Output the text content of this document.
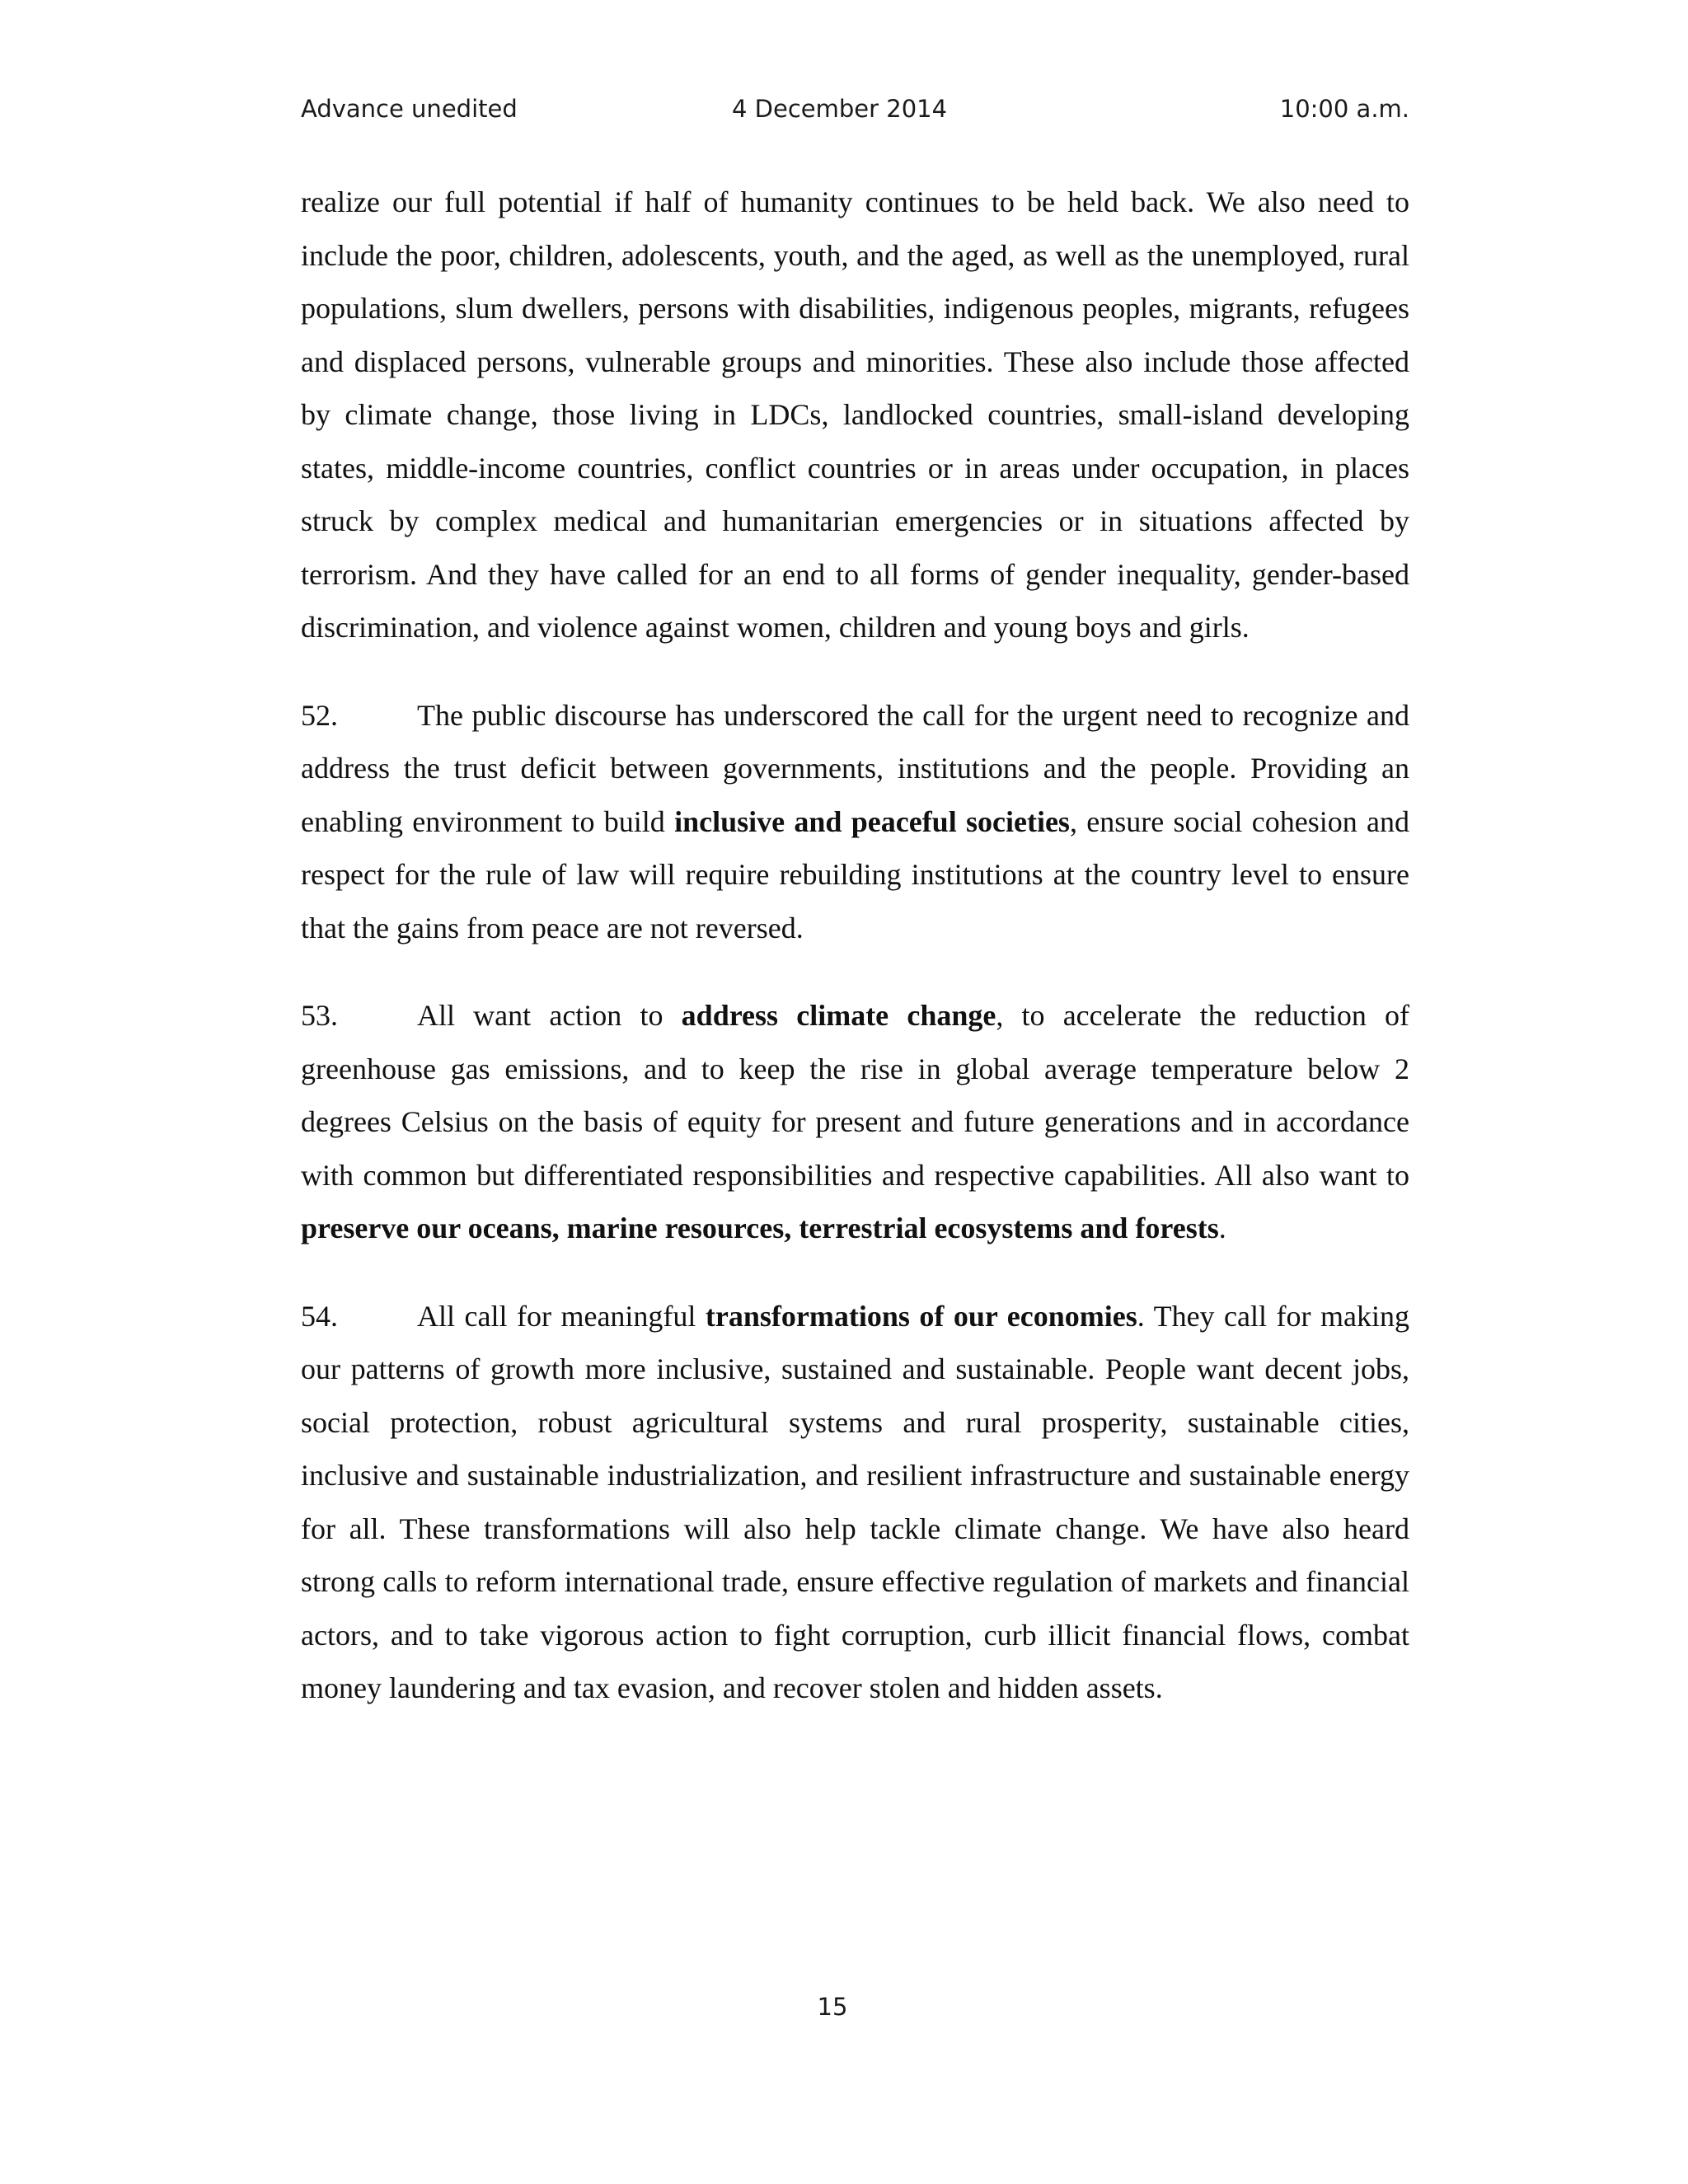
Advance unedited	4 December 2014	10:00 a.m.

realize our full potential if half of humanity continues to be held back. We also need to include the poor, children, adolescents, youth, and the aged, as well as the unemployed, rural populations, slum dwellers, persons with disabilities, indigenous peoples, migrants, refugees and displaced persons, vulnerable groups and minorities. These also include those affected by climate change, those living in LDCs, landlocked countries, small-island developing states, middle-income countries, conflict countries or in areas under occupation, in places struck by complex medical and humanitarian emergencies or in situations affected by terrorism. And they have called for an end to all forms of gender inequality, gender-based discrimination, and violence against women, children and young boys and girls.

52.	The public discourse has underscored the call for the urgent need to recognize and address the trust deficit between governments, institutions and the people. Providing an enabling environment to build inclusive and peaceful societies, ensure social cohesion and respect for the rule of law will require rebuilding institutions at the country level to ensure that the gains from peace are not reversed.

53.	All want action to address climate change, to accelerate the reduction of greenhouse gas emissions, and to keep the rise in global average temperature below 2 degrees Celsius on the basis of equity for present and future generations and in accordance with common but differentiated responsibilities and respective capabilities. All also want to preserve our oceans, marine resources, terrestrial ecosystems and forests.

54.	All call for meaningful transformations of our economies. They call for making our patterns of growth more inclusive, sustained and sustainable. People want decent jobs, social protection, robust agricultural systems and rural prosperity, sustainable cities, inclusive and sustainable industrialization, and resilient infrastructure and sustainable energy for all. These transformations will also help tackle climate change. We have also heard strong calls to reform international trade, ensure effective regulation of markets and financial actors, and to take vigorous action to fight corruption, curb illicit financial flows, combat money laundering and tax evasion, and recover stolen and hidden assets.

15
